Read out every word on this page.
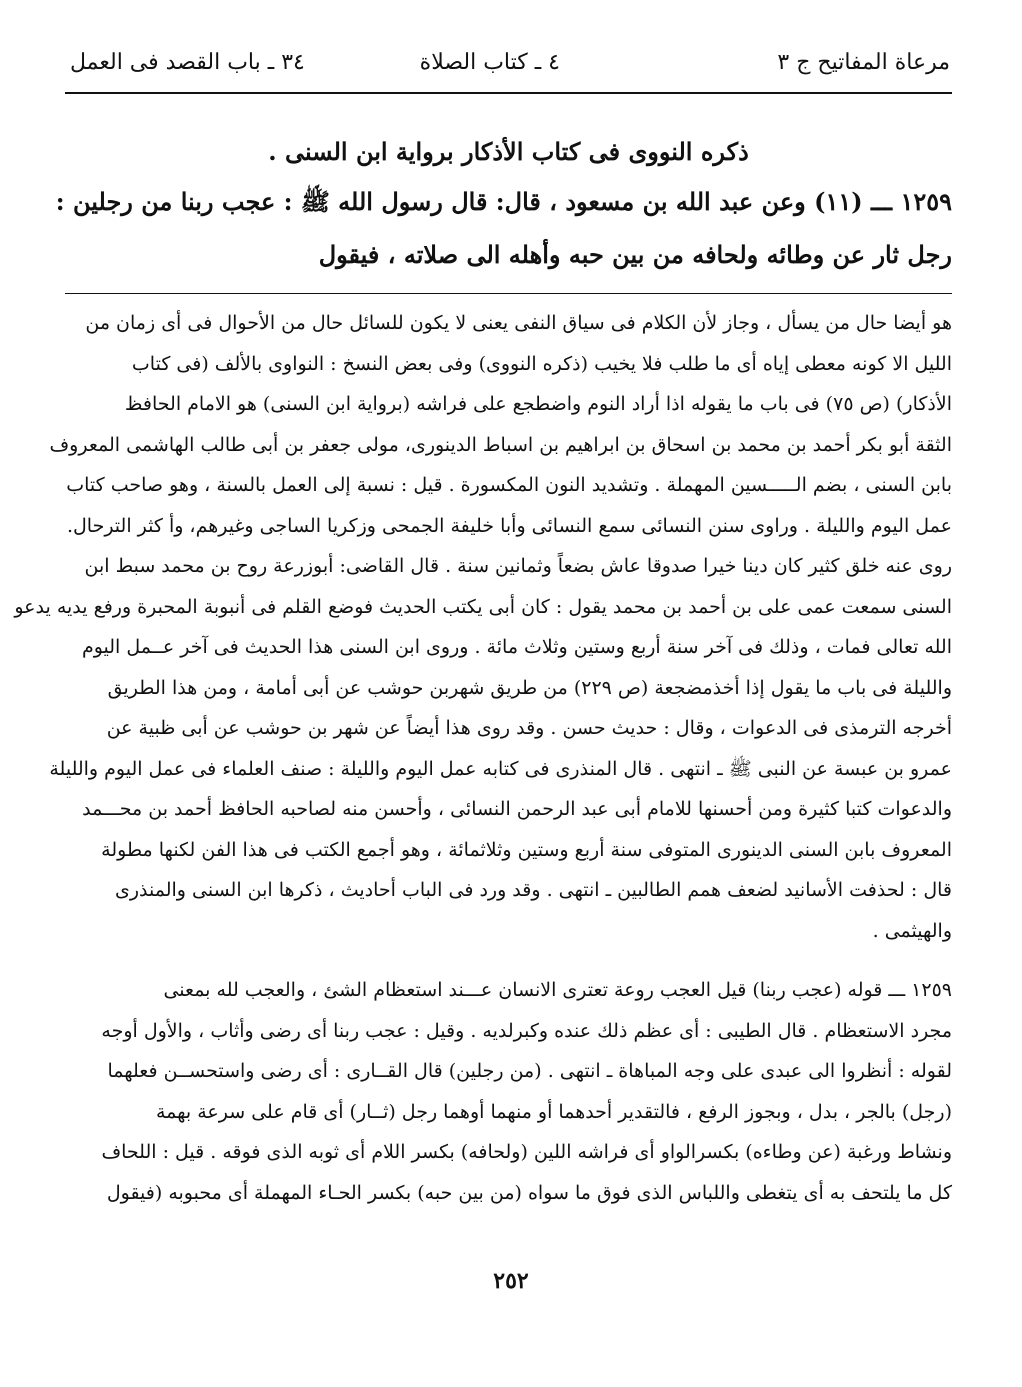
مرعاة المفاتيح ج ٣
٤ ـ كتاب الصلاة
٣٤ ـ باب القصد فى العمل

ذكره النووى فى كتاب الأذكار برواية ابن السنى .

١٢٥٩ ـــ (١١) وعن عبد الله بن مسعود ، قال: قال رسول الله ﷺ : عجب ربنا من رجلين :

رجل ثار عن وطائه ولحافه من بين حبه وأهله الى صلاته ، فيقول

هو أيضا حال من يسأل ، وجاز لأن الكلام فى سياق النفى يعنى لا يكون للسائل حال من الأحوال فى أى زمان من

الليل الا كونه معطى إياه أى ما طلب فلا يخيب (ذكره النووى) وفى بعض النسخ : النواوى بالألف (فى كتاب

الأذكار) (ص ٧٥) فى باب ما يقوله اذا أراد النوم واضطجع على فراشه (برواية ابن السنى) هو الامام الحافظ

الثقة أبو بكر أحمد بن محمد بن اسحاق بن ابراهيم بن اسباط الدينورى، مولى جعفر بن أبى طالب الهاشمى المعروف

بابن السنى ، بضم الـــــسين المهملة . وتشديد النون المكسورة . قيل : نسبة إلى العمل بالسنة ، وهو صاحب كتاب

عمل اليوم والليلة . وراوى سنن النسائى سمع النسائى وأبا خليفة الجمحى وزكريا الساجى وغيرهم، وأ كثر الترحال.

روى عنه خلق كثير كان دينا خيرا صدوقا عاش بضعاً وثمانين سنة . قال القاضى: أبوزرعة روح بن محمد سبط ابن

السنى سمعت عمى على بن أحمد بن محمد يقول : كان أبى يكتب الحديث فوضع القلم فى أنبوبة المحبرة ورفع يديه يدعو

الله تعالى فمات ، وذلك فى آخر سنة أربع وستين وثلاث مائة . وروى ابن السنى هذا الحديث فى آخر عــمل اليوم

والليلة فى باب ما يقول إذا أخذمضجعة (ص ٢٢٩) من طريق شهربن حوشب عن أبى أمامة ، ومن هذا الطريق

أخرجه الترمذى فى الدعوات ، وقال : حديث حسن . وقد روى هذا أيضاً عن شهر بن حوشب عن أبى ظبية عن

عمرو بن عبسة عن النبى ﷺ ـ انتهى . قال المنذرى فى كتابه عمل اليوم والليلة : صنف العلماء فى عمل اليوم والليلة

والدعوات كتبا كثيرة ومن أحسنها للامام أبى عبد الرحمن النسائى ، وأحسن منه لصاحبه الحافظ أحمد بن محـــمد

المعروف بابن السنى الدينورى المتوفى سنة أربع وستين وثلاثمائة ، وهو أجمع الكتب فى هذا الفن لكنها مطولة

قال : لحذفت الأسانيد لضعف همم الطالبين ـ انتهى . وقد ورد فى الباب أحاديث ، ذكرها ابن السنى والمنذرى

والهيثمى .

١٢٥٩ ـــ قوله (عجب ربنا) قيل العجب روعة تعترى الانسان عـــند استعظام الشئ ، والعجب لله بمعنى

مجرد الاستعظام . قال الطيبى : أى عظم ذلك عنده وكبرلديه . وقيل : عجب ربنا أى رضى وأثاب ، والأول أوجه

لقوله : أنظروا الى عبدى على وجه المباهاة ـ انتهى . (من رجلين) قال القــارى : أى رضى واستحســن فعلهما

(رجل) بالجر ، بدل ، وبجوز الرفع ، فالتقدير أحدهما أو منهما أوهما رجل (ثــار) أى قام على سرعة بهمة

ونشاط ورغبة (عن وطاءه) بكسرالواو أى فراشه اللين (ولحافه) بكسر اللام أى ثوبه الذى فوقه . قيل : اللحاف

كل ما يلتحف به أى يتغطى واللباس الذى فوق ما سواه (من بين حبه) بكسر الحـاء المهملة أى محبوبه (فيقول

٢٥٢
